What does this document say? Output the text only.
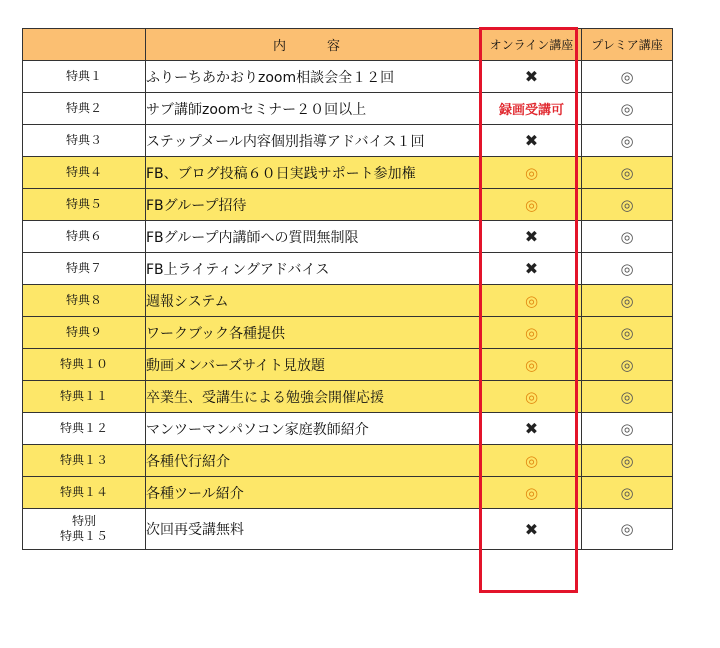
	内　容	オンライン講座	プレミア講座
特典１	ふりーちあかおりzoom相談会全１２回	✖	◎
特典２	サブ講師zoomセミナー２０回以上	録画受講可	◎
特典３	ステップメール内容個別指導アドバイス１回	✖	◎
特典４	FB、ブログ投稿６０日実践サポート参加権	◎	◎
特典５	FBグループ招待	◎	◎
特典６	FBグループ内講師への質問無制限	✖	◎
特典７	FB上ライティングアドバイス	✖	◎
特典８	週報システム	◎	◎
特典９	ワークブック各種提供	◎	◎
特典１０	動画メンバーズサイト見放題	◎	◎
特典１１	卒業生、受講生による勉強会開催応援	◎	◎
特典１２	マンツーマンパソコン家庭教師紹介	✖	◎
特典１３	各種代行紹介	◎	◎
特典１４	各種ツール紹介	◎	◎

特別
特典１５	次回再受講無料	✖	◎
